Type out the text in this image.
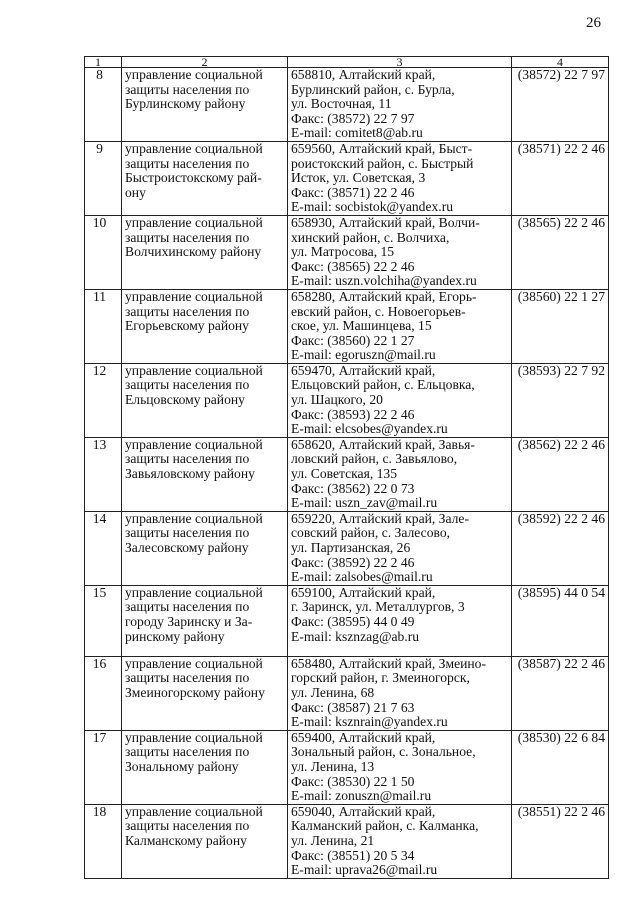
26
1	2	3	4
8	управление социальной
защиты населения по
Бурлинскому району	658810, Алтайский край,
Бурлинский район, с. Бурла,
ул. Восточная, 11
Факс: (38572) 22 7 97
E-mail: comitet8@ab.ru	(38572) 22 7 97
9	управление социальной
защиты населения по
Быстроистокскому рай-
ону	659560, Алтайский край, Быст-
роистокский район, с. Быстрый
Исток, ул. Советская, 3
Факс: (38571) 22 2 46
E-mail: socbistok@yandex.ru	(38571) 22 2 46
10	управление социальной
защиты населения по
Волчихинскому району	658930, Алтайский край, Волчи-
хинский район, с. Волчиха,
ул. Матросова, 15
Факс: (38565) 22 2 46
E-mail: uszn.volchiha@yandex.ru	(38565) 22 2 46
11	управление социальной
защиты населения по
Егорьевскому району	658280, Алтайский край, Егорь-
евский район, с. Новоегорьев-
ское, ул. Машинцева, 15
Факс: (38560) 22 1 27
E-mail: egoruszn@mail.ru	(38560) 22 1 27
12	управление социальной
защиты населения по
Ельцовскому району	659470, Алтайский край,
Ельцовский район, с. Ельцовка,
ул. Шацкого, 20
Факс: (38593) 22 2 46
E-mail: elcsobes@yandex.ru	(38593) 22 7 92
13	управление социальной
защиты населения по
Завьяловскому району	658620, Алтайский край, Завья-
ловский район, с. Завьялово,
ул. Советская, 135
Факс: (38562) 22 0 73
E-mail: uszn_zav@mail.ru	(38562) 22 2 46
14	управление социальной
защиты населения по
Залесовскому району	659220, Алтайский край, Зале-
совский район, с. Залесово,
ул. Партизанская, 26
Факс: (38592) 22 2 46
E-mail: zalsobes@mail.ru	(38592) 22 2 46
15	управление социальной
защиты населения по
городу Заринску и За-
ринскому району	659100, Алтайский край,
г. Заринск, ул. Металлургов, 3
Факс: (38595) 44 0 49
E-mail: ksznzag@ab.ru	(38595) 44 0 54
16	управление социальной
защиты населения по
Змеиногорскому району	658480, Алтайский край, Змеино-
горский район, г. Змеиногорск,
ул. Ленина, 68
Факс: (38587) 21 7 63
E-mail: ksznrain@yandex.ru	(38587) 22 2 46
17	управление социальной
защиты населения по
Зональному району	659400, Алтайский край,
Зональный район, с. Зональное,
ул. Ленина, 13
Факс: (38530) 22 1 50
E-mail: zonuszn@mail.ru	(38530) 22 6 84
18	управление социальной
защиты населения по
Калманскому району	659040, Алтайский край,
Калманский район, с. Калманка,
ул. Ленина, 21
Факс: (38551) 20 5 34
E-mail: uprava26@mail.ru	(38551) 22 2 46
